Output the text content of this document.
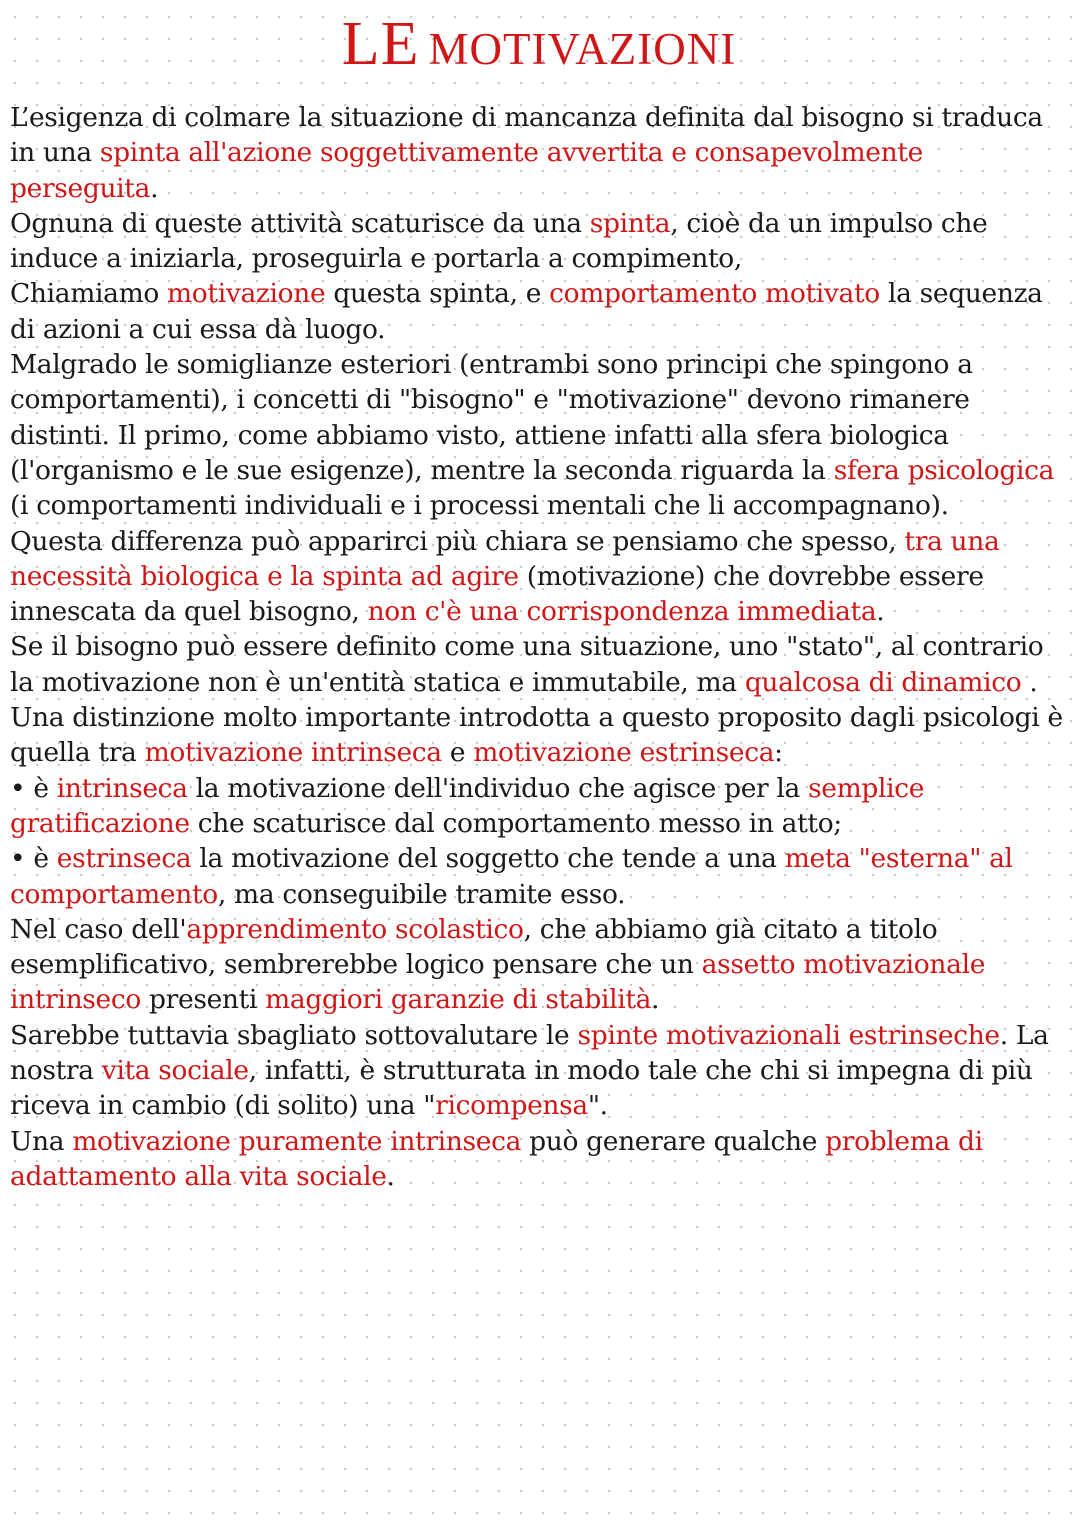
LE MOTIVAZIONI

L’esigenza di colmare la situazione di mancanza definita dal bisogno si traduca in una spinta all'azione soggettivamente avvertita e consapevolmente perseguita.

Ognuna di queste attività scaturisce da una spinta, cioè da un impulso che induce a iniziarla, proseguirla e portarla a compimento,

Chiamiamo motivazione questa spinta, e comportamento motivato la sequenza di azioni a cui essa dà luogo.

Malgrado le somiglianze esteriori (entrambi sono principi che spingono a comportamenti), i concetti di "bisogno" e "motivazione" devono rimanere distinti. Il primo, come abbiamo visto, attiene infatti alla sfera biologica (l'organismo e le sue esigenze), mentre la seconda riguarda la sfera psicologica (i comportamenti individuali e i processi mentali che li accompagnano).

Questa differenza può apparirci più chiara se pensiamo che spesso, tra una necessità biologica e la spinta ad agire (motivazione) che dovrebbe essere innescata da quel bisogno, non c'è una corrispondenza immediata.

Se il bisogno può essere definito come una situazione, uno "stato", al contrario la motivazione non è un'entità statica e immutabile, ma qualcosa di dinamico .

Una distinzione molto importante introdotta a questo proposito dagli psicologi è quella tra motivazione intrinseca e motivazione estrinseca:

• è intrinseca la motivazione dell'individuo che agisce per la semplice gratificazione che scaturisce dal comportamento messo in atto;

• è estrinseca la motivazione del soggetto che tende a una meta "esterna" al comportamento, ma conseguibile tramite esso.

Nel caso dell'apprendimento scolastico, che abbiamo già citato a titolo esemplificativo, sembrerebbe logico pensare che un assetto motivazionale intrinseco presenti maggiori garanzie di stabilità.

Sarebbe tuttavia sbagliato sottovalutare le spinte motivazionali estrinseche. La nostra vita sociale, infatti, è strutturata in modo tale che chi si impegna di più riceva in cambio (di solito) una "ricompensa".

Una motivazione puramente intrinseca può generare qualche problema di adattamento alla vita sociale.
